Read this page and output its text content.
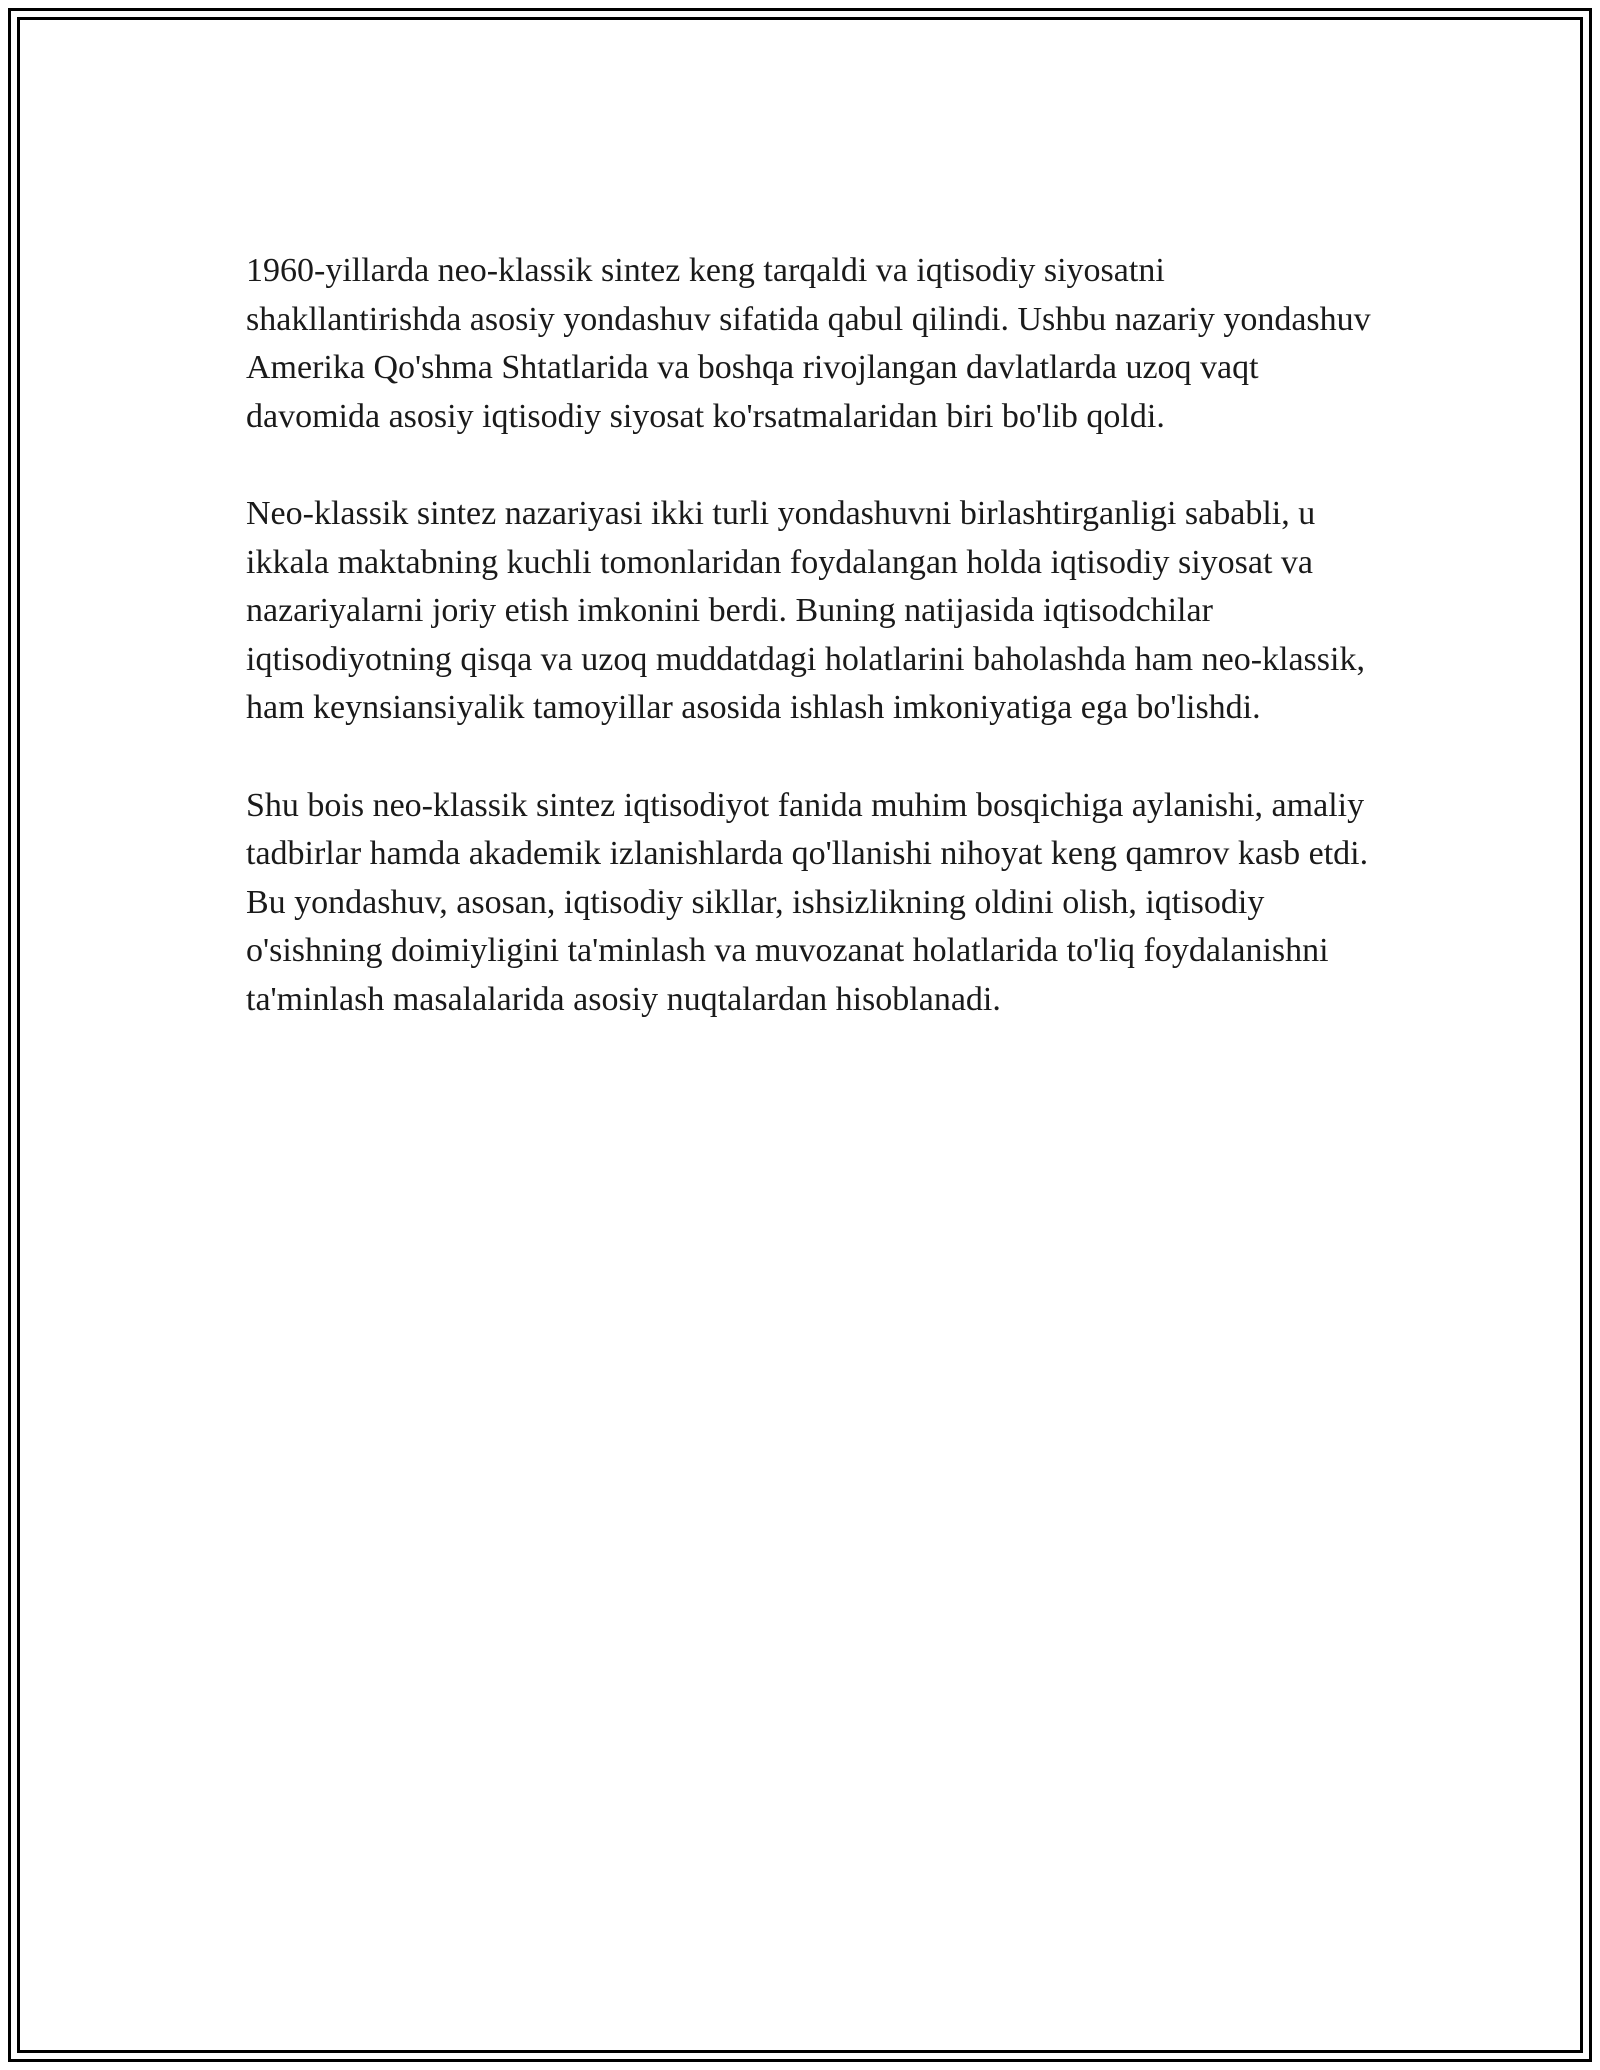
1960-yillarda neo-klassik sintez keng tarqaldi va iqtisodiy siyosatni shakllantirishda asosiy yondashuv sifatida qabul qilindi. Ushbu nazariy yondashuv Amerika Qo'shma Shtatlarida va boshqa rivojlangan davlatlarda uzoq vaqt davomida asosiy iqtisodiy siyosat ko'rsatmalaridan biri bo'lib qoldi.

Neo-klassik sintez nazariyasi ikki turli yondashuvni birlashtirganligi sababli, u ikkala maktabning kuchli tomonlaridan foydalangan holda iqtisodiy siyosat va nazariyalarni joriy etish imkonini berdi. Buning natijasida iqtisodchilar iqtisodiyotning qisqa va uzoq muddatdagi holatlarini baholashda ham neo-klassik, ham keynsiansiyalik tamoyillar asosida ishlash imkoniyatiga ega bo'lishdi.

Shu bois neo-klassik sintez iqtisodiyot fanida muhim bosqichiga aylanishi, amaliy tadbirlar hamda akademik izlanishlarda qo'llanishi nihoyat keng qamrov kasb etdi. Bu yondashuv, asosan, iqtisodiy sikllar, ishsizlikning oldini olish, iqtisodiy o'sishning doimiyligini ta'minlash va muvozanat holatlarida to'liq foydalanishni ta'minlash masalalarida asosiy nuqtalardan hisoblanadi.
